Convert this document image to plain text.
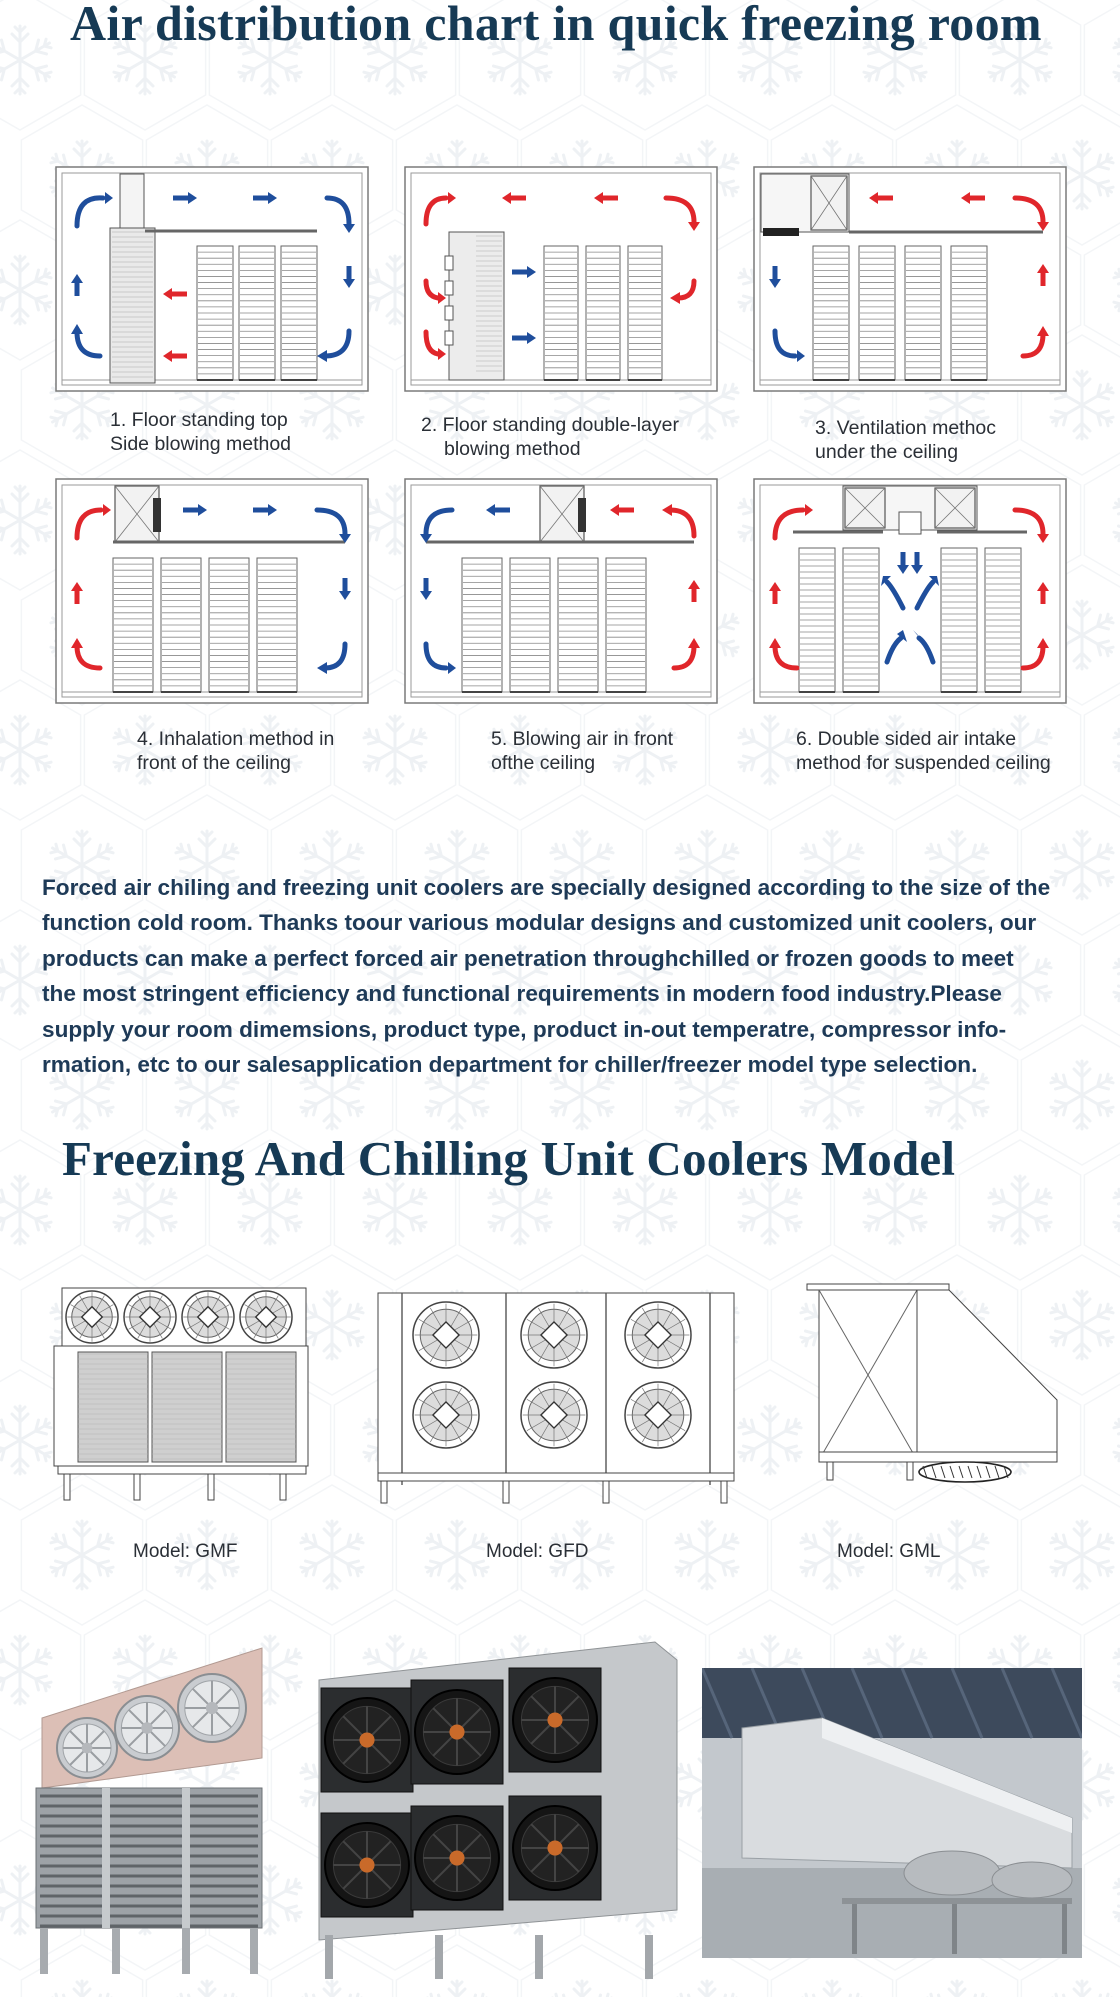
Air distribution chart in quick freezing room
1. Floor standing top
Side blowing method
2. Floor standing double-layer
blowing method
3. Ventilation methoc
under the ceiling
4. Inhalation method in
front of the ceiling
5. Blowing air in front
ofthe ceiling
6. Double sided air intake
method for suspended ceiling
Forced air chiling and freezing unit coolers are specially designed according to the size of the
function cold room. Thanks toour various modular designs and customized unit coolers, our
products can make a perfect forced air penetration throughchilled or frozen goods to meet
the most stringent efficiency and functional requirements in modern food industry.Please
supply your room dimemsions, product type, product in-out temperatre, compressor info-
rmation, etc to our salesapplication department for chiller/freezer model type selection.
Freezing And Chilling Unit Coolers Model
Model: GMF	Model: GFD	Model: GML
